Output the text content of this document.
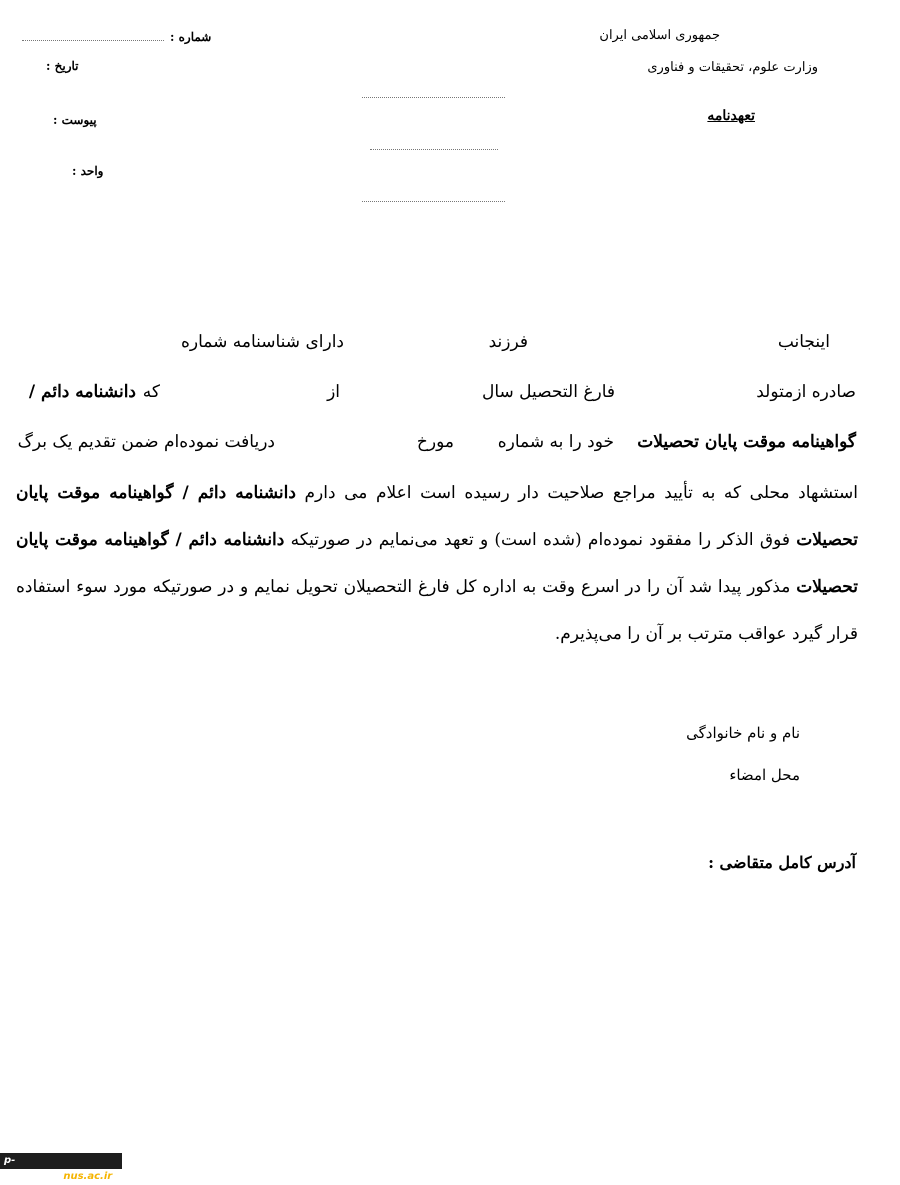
جمهوری اسلامی ایران
وزارت علوم، تحقیقات و فناوری
شماره :
تاریخ :
پیوست :
واحد :
تعهدنامه
اینجانب
فرزند
دارای شناسنامه شماره
صادره ازمتولد
فارغ التحصیل سال
از
که
دانشنامه دائم /
گواهینامه موقت پایان تحصیلات
خود را به شماره
مورخ
دریافت نموده‌ام ضمن تقدیم یک برگ
استشهاد محلی که به تأیید مراجع صلاحیت دار رسیده است اعلام می دارم دانشنامه دائم / گواهینامه موقت پایان تحصیلات فوق الذکر را مفقود نموده‌ام (شده است) و تعهد می‌نمایم در صورتیکه دانشنامه دائم / گواهینامه موقت پایان تحصیلات مذکور پیدا شد آن را در اسرع وقت به اداره کل فارغ التحصیلان تحویل نمایم و در صورتیکه مورد سوء استفاده قرار گیرد عواقب مترتب بر آن را می‌پذیرم.
نام و نام خانوادگی
محل امضاء
آدرس کامل متقاضی :
p-safadasht.nus.ac.ir
